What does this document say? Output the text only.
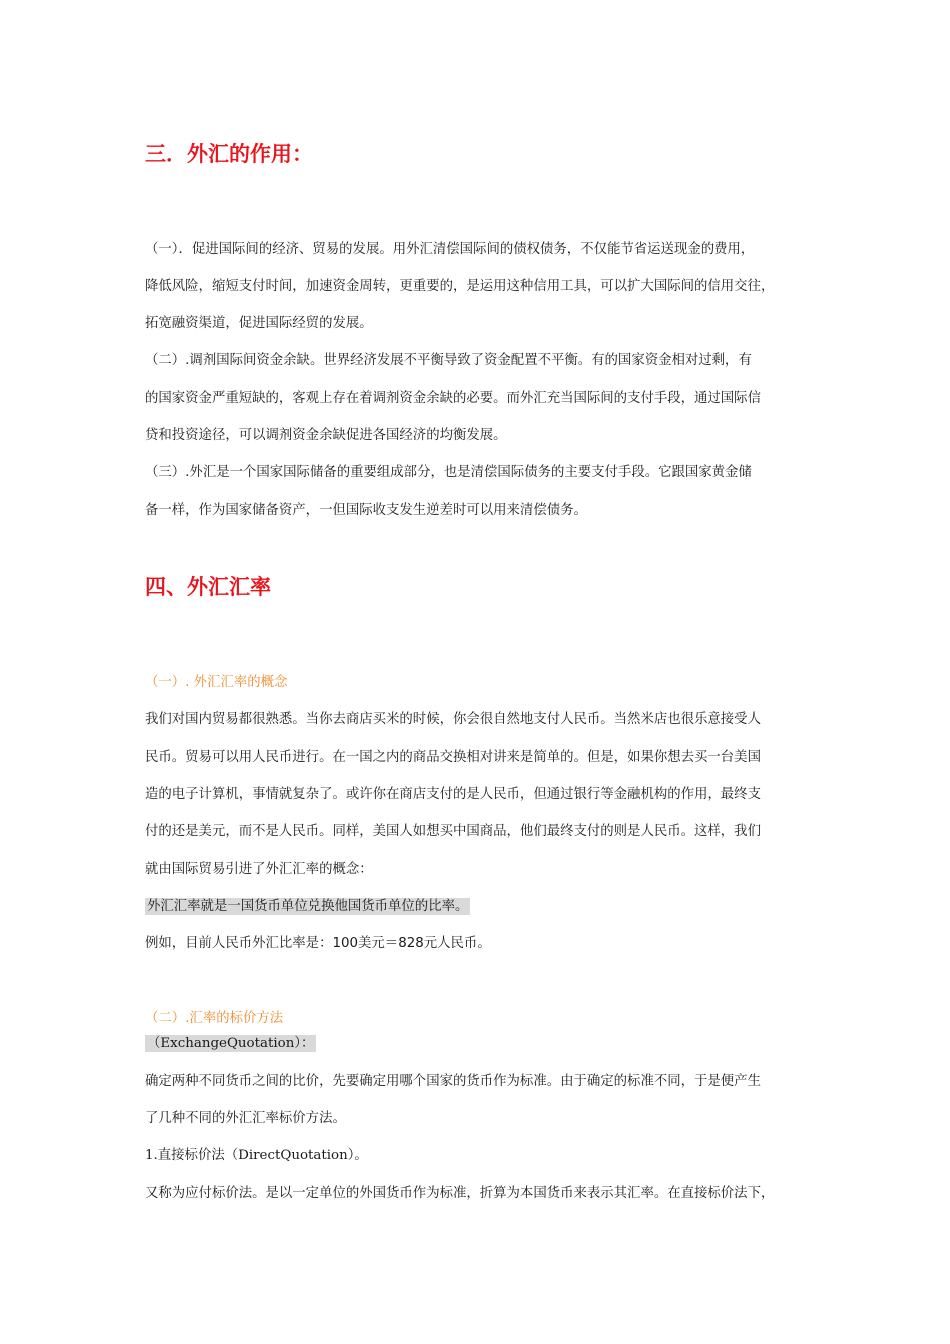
三．外汇的作用：

（一）．促进国际间的经济、贸易的发展。用外汇清偿国际间的债权债务，不仅能节省运送现金的费用，

降低风险，缩短支付时间，加速资金周转，更重要的，是运用这种信用工具，可以扩大国际间的信用交往，

拓宽融资渠道，促进国际经贸的发展。

（二）.调剂国际间资金余缺。世界经济发展不平衡导致了资金配置不平衡。有的国家资金相对过剩，有

的国家资金严重短缺的，客观上存在着调剂资金余缺的必要。而外汇充当国际间的支付手段，通过国际信

贷和投资途径，可以调剂资金余缺促进各国经济的均衡发展。

（三）.外汇是一个国家国际储备的重要组成部分，也是清偿国际债务的主要支付手段。它跟国家黄金储

备一样，作为国家储备资产，一但国际收支发生逆差时可以用来清偿债务。

四、外汇汇率

（一）. 外汇汇率的概念

我们对国内贸易都很熟悉。当你去商店买米的时候，你会很自然地支付人民币。当然米店也很乐意接受人

民币。贸易可以用人民币进行。在一国之内的商品交换相对讲来是简单的。但是，如果你想去买一台美国

造的电子计算机，事情就复杂了。或许你在商店支付的是人民币，但通过银行等金融机构的作用，最终支

付的还是美元，而不是人民币。同样，美国人如想买中国商品，他们最终支付的则是人民币。这样，我们

就由国际贸易引进了外汇汇率的概念：

外汇汇率就是一国货币单位兑换他国货币单位的比率。

例如，目前人民币外汇比率是：100美元＝828元人民币。

（二）.汇率的标价方法

（ExchangeQuotation）：

确定两种不同货币之间的比价，先要确定用哪个国家的货币作为标准。由于确定的标准不同，于是便产生

了几种不同的外汇汇率标价方法。

1.直接标价法（DirectQuotation）。

又称为应付标价法。是以一定单位的外国货币作为标准，折算为本国货币来表示其汇率。在直接标价法下，
